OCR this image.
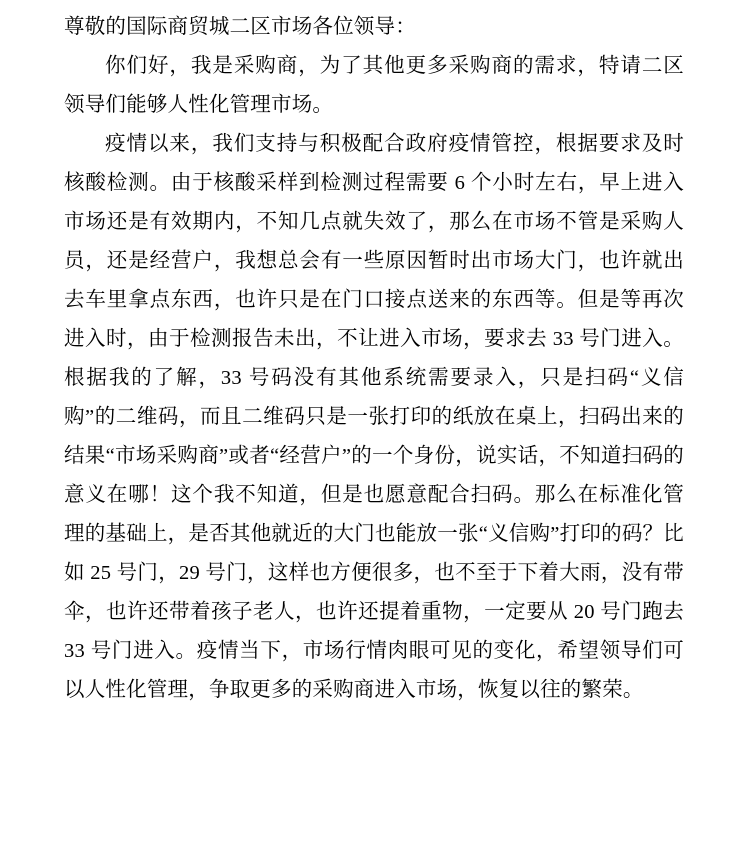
尊敬的国际商贸城二区市场各位领导：

你们好，我是采购商，为了其他更多采购商的需求，特请二区领导们能够人性化管理市场。

疫情以来，我们支持与积极配合政府疫情管控，根据要求及时核酸检测。由于核酸采样到检测过程需要 6 个小时左右，早上进入市场还是有效期内，不知几点就失效了，那么在市场不管是采购人员，还是经营户，我想总会有一些原因暂时出市场大门，也许就出去车里拿点东西，也许只是在门口接点送来的东西等。但是等再次进入时，由于检测报告未出，不让进入市场，要求去 33 号门进入。根据我的了解，33 号码没有其他系统需要录入，只是扫码“义信购”的二维码，而且二维码只是一张打印的纸放在桌上，扫码出来的结果“市场采购商”或者“经营户”的一个身份，说实话，不知道扫码的意义在哪！这个我不知道，但是也愿意配合扫码。那么在标准化管理的基础上，是否其他就近的大门也能放一张“义信购”打印的码？比如 25 号门，29 号门，这样也方便很多，也不至于下着大雨，没有带伞，也许还带着孩子老人，也许还提着重物，一定要从 20 号门跑去 33 号门进入。疫情当下，市场行情肉眼可见的变化，希望领导们可以人性化管理，争取更多的采购商进入市场，恢复以往的繁荣。
